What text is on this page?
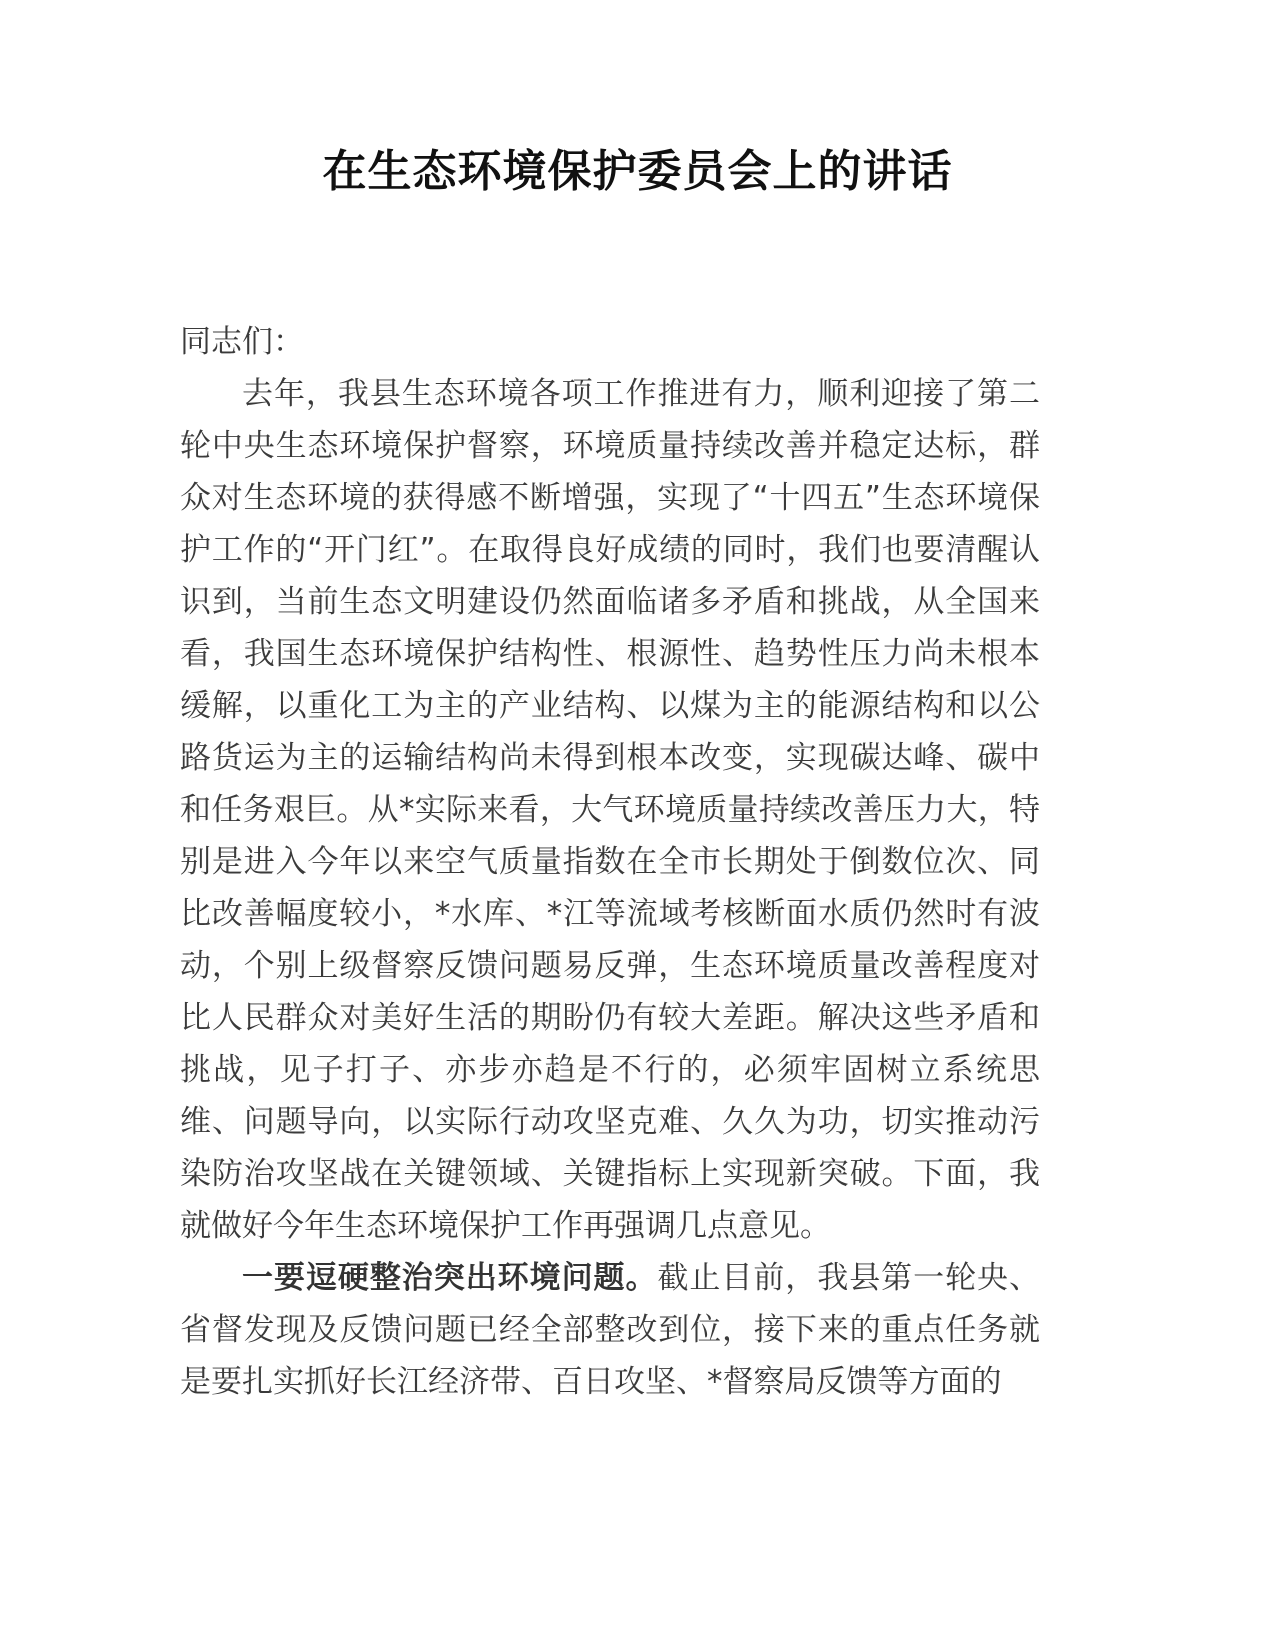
在生态环境保护委员会上的讲话

同志们：

去年，我县生态环境各项工作推进有力，顺利迎接了第二轮中央生态环境保护督察，环境质量持续改善并稳定达标，群众对生态环境的获得感不断增强，实现了“十四五”生态环境保护工作的“开门红”。在取得良好成绩的同时，我们也要清醒认识到，当前生态文明建设仍然面临诸多矛盾和挑战，从全国来看，我国生态环境保护结构性、根源性、趋势性压力尚未根本缓解，以重化工为主的产业结构、以煤为主的能源结构和以公路货运为主的运输结构尚未得到根本改变，实现碳达峰、碳中和任务艰巨。从*实际来看，大气环境质量持续改善压力大，特别是进入今年以来空气质量指数在全市长期处于倒数位次、同比改善幅度较小，*水库、*江等流域考核断面水质仍然时有波动，个别上级督察反馈问题易反弹，生态环境质量改善程度对比人民群众对美好生活的期盼仍有较大差距。解决这些矛盾和挑战，见子打子、亦步亦趋是不行的，必须牢固树立系统思维、问题导向，以实际行动攻坚克难、久久为功，切实推动污染防治攻坚战在关键领域、关键指标上实现新突破。下面，我就做好今年生态环境保护工作再强调几点意见。

一要逗硬整治突出环境问题。截止目前，我县第一轮央、省督发现及反馈问题已经全部整改到位，接下来的重点任务就是要扎实抓好长江经济带、百日攻坚、*督察局反馈等方面的
